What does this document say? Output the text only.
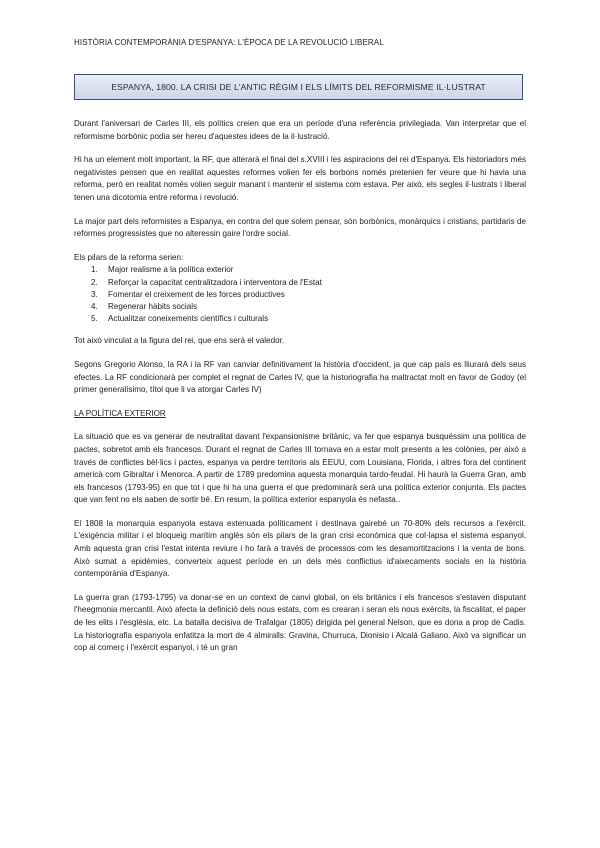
HISTÒRIA CONTEMPORÀNIA D'ESPANYA: L'ÈPOCA DE LA REVOLUCIÓ LIBERAL
ESPANYA, 1800. LA CRISI DE L'ANTIC RÈGIM I ELS LÍMITS DEL REFORMISME IL·LUSTRAT

Durant l'aniversari de Carles III, els polítics creien que era un període d'una referència privilegiada. Van interpretar que el reformisme borbònic podia ser hereu d'aquestes idees de la il·lustració.

Hi ha un element molt important, la RF, que alterarà el final del s.XVIII i les aspiracions del rei d'Espanya. Els historiadors més negativistes pensen que en realitat aquestes reformes volien fer els borbons només pretenien fer veure que hi havia una reforma, però en realitat només volien seguir manant i mantenir el sistema com estava. Per això, els segles il·lustrats i liberal tenen una dicotomia entre reforma i revolució.

La major part dels reformistes a Espanya, en contra del que solem pensar, són borbònics, monàrquics i cristians, partidaris de reformes progressistes que no alteressin gaire l'ordre social.

Els pilars de la reforma serien:

1. Major realisme a la política exterior
2. Reforçar la capacitat centralitzadora i interventora de l'Estat
3. Fomentar el creixement de les forces productives
4. Regenerar hàbits socials
5. Actualitzar coneixements científics i culturals

Tot això vinculat a la figura del rei, que ens serà el valedor.

Segons Gregorio Alonso, la RA i la RF van canviar definitivament la història d'occident, ja que cap país es lliurarà dels seus efectes. La RF condicionarà per complet el regnat de Carles IV, que la historiografia ha maltractat molt en favor de Godoy (el primer generalísimo, títol que li va atorgar Carles IV)

LA POLÍTICA EXTERIOR

La situació que es va generar de neutralitat davant l'expansionisme britànic, va fer que espanya busquéssim una política de pactes, sobretot amb els francesos. Durant el regnat de Carles III tornava en a estar molt presents a les colònies, per això a través de conflictes bèl·lics i pactes, espanya va perdre territoris als EEUU, com Louisiana, Florida, i altres fora del continent americà com Gibraltar i Menorca. A partir de 1789 predomina aquesta monarquia tardo-feudal. Hi haurà la Guerra Gran, amb els francesos (1793-95) en que tot i que hi ha una guerra el que predominarà serà una política exterior conjunta. Els pactes que van fent no els aaben de sortir bé. En resum, la política exterior espanyola és nefasta..

El 1808 la monarquia espanyola estava extenuada políticament i destinava gairebé un 70-80% dels recursos a l'exèrcit. L'exigència militar i el bloqueig marítim anglès són els pilars de la gran crisi econòmica que col·lapsa el sistema espanyol. Amb aquesta gran crisi l'estat intenta reviure i ho farà a través de processos com les desamortitzacions i la venta de bons. Això sumat a epidèmies, converteix aquest període en un dels més conflictius id'aixecaments socials en la història contemporània d'Espanya.

La guerra gran (1793-1795) va donar-se en un context de canvi global, on els britànics i els francesos s'estaven disputant l'heegmonia mercantil. Això afecta la definició dels nous estats, com es crearan i seran els nous exèrcits, la fiscalitat, el paper de les elits i l'església, etc. La batalla decisiva de Trafalgar (1805) dirigida pel general Nelson, que es dona a prop de Cadis. La historiografia espanyola enfatitza la mort de 4 almiralls: Gravina, Churruca, Dionisio i Alcalá Galiano. Això va significar un cop al comerç i l'exèrcit espanyol, i té un gran
